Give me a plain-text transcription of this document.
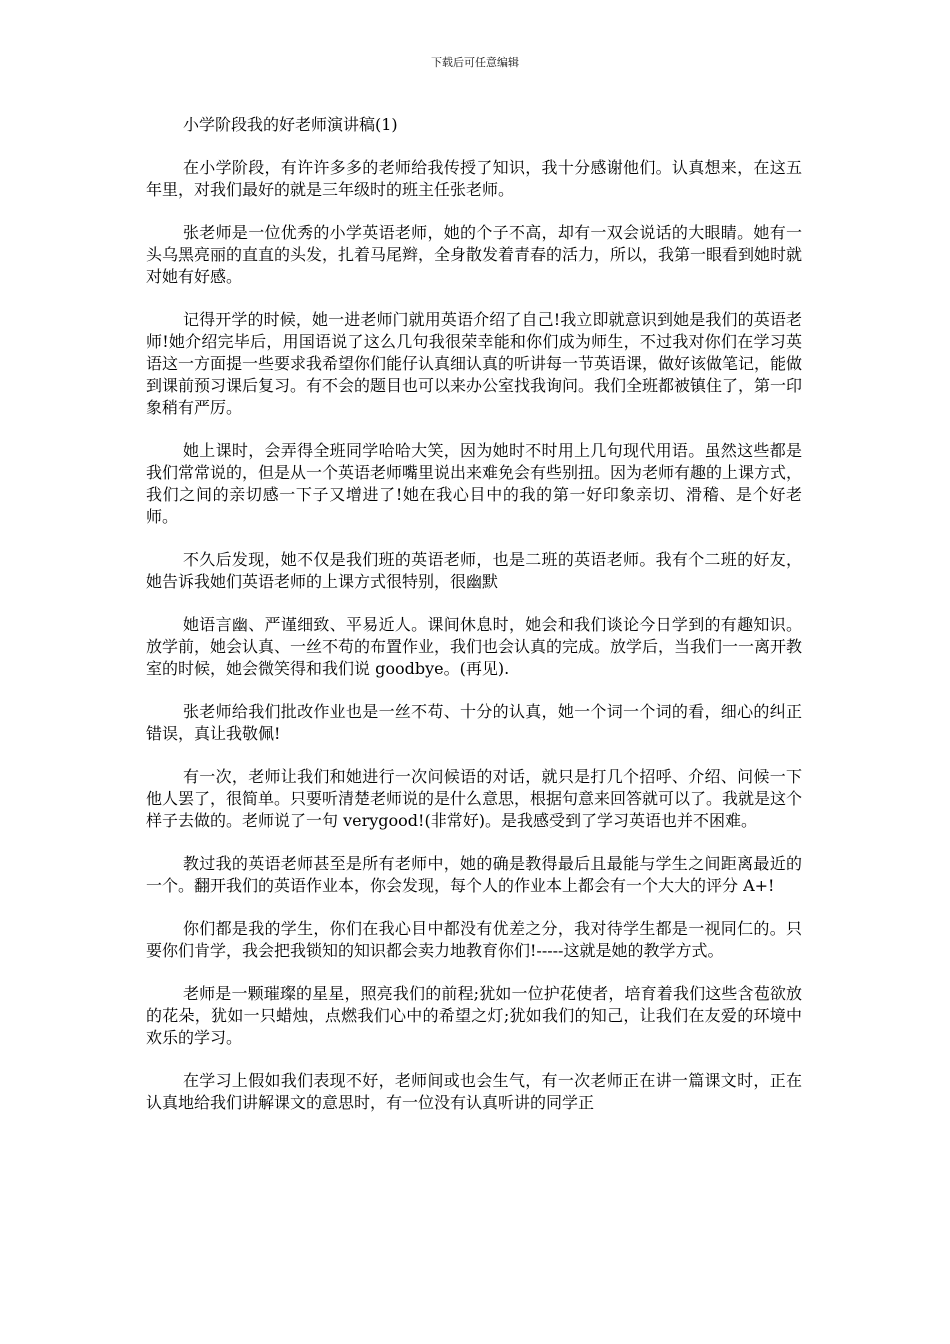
下载后可任意编辑
小学阶段我的好老师演讲稿(1)

在小学阶段，有许许多多的老师给我传授了知识，我十分感谢他们。认真想来，在这五年里，对我们最好的就是三年级时的班主任张老师。

张老师是一位优秀的小学英语老师，她的个子不高，却有一双会说话的大眼睛。她有一头乌黑亮丽的直直的头发，扎着马尾辫，全身散发着青春的活力，所以，我第一眼看到她时就对她有好感。

记得开学的时候，她一进老师门就用英语介绍了自己!我立即就意识到她是我们的英语老师!她介绍完毕后，用国语说了这么几句我很荣幸能和你们成为师生，不过我对你们在学习英语这一方面提一些要求我希望你们能仔认真细认真的听讲每一节英语课，做好该做笔记，能做到课前预习课后复习。有不会的题目也可以来办公室找我询问。我们全班都被镇住了，第一印象稍有严厉。

她上课时，会弄得全班同学哈哈大笑，因为她时不时用上几句现代用语。虽然这些都是我们常常说的，但是从一个英语老师嘴里说出来难免会有些别扭。因为老师有趣的上课方式，我们之间的亲切感一下子又增进了!她在我心目中的我的第一好印象亲切、滑稽、是个好老师。

不久后发现，她不仅是我们班的英语老师，也是二班的英语老师。我有个二班的好友，她告诉我她们英语老师的上课方式很特别，很幽默

她语言幽、严谨细致、平易近人。课间休息时，她会和我们谈论今日学到的有趣知识。放学前，她会认真、一丝不苟的布置作业，我们也会认真的完成。放学后，当我们一一离开教室的时候，她会微笑得和我们说 goodbye。(再见).

张老师给我们批改作业也是一丝不苟、十分的认真，她一个词一个词的看，细心的纠正错误，真让我敬佩!

有一次，老师让我们和她进行一次问候语的对话，就只是打几个招呼、介绍、问候一下他人罢了，很简单。只要听清楚老师说的是什么意思，根据句意来回答就可以了。我就是这个样子去做的。老师说了一句 verygood!(非常好)。是我感受到了学习英语也并不困难。

教过我的英语老师甚至是所有老师中，她的确是教得最后且最能与学生之间距离最近的一个。翻开我们的英语作业本，你会发现，每个人的作业本上都会有一个大大的评分 A+!

你们都是我的学生，你们在我心目中都没有优差之分，我对待学生都是一视同仁的。只要你们肯学，我会把我锁知的知识都会卖力地教育你们!-----这就是她的教学方式。

老师是一颗璀璨的星星，照亮我们的前程;犹如一位护花使者，培育着我们这些含苞欲放的花朵，犹如一只蜡烛，点燃我们心中的希望之灯;犹如我们的知己，让我们在友爱的环境中欢乐的学习。

在学习上假如我们表现不好，老师间或也会生气，有一次老师正在讲一篇课文时，正在认真地给我们讲解课文的意思时，有一位没有认真听讲的同学正
